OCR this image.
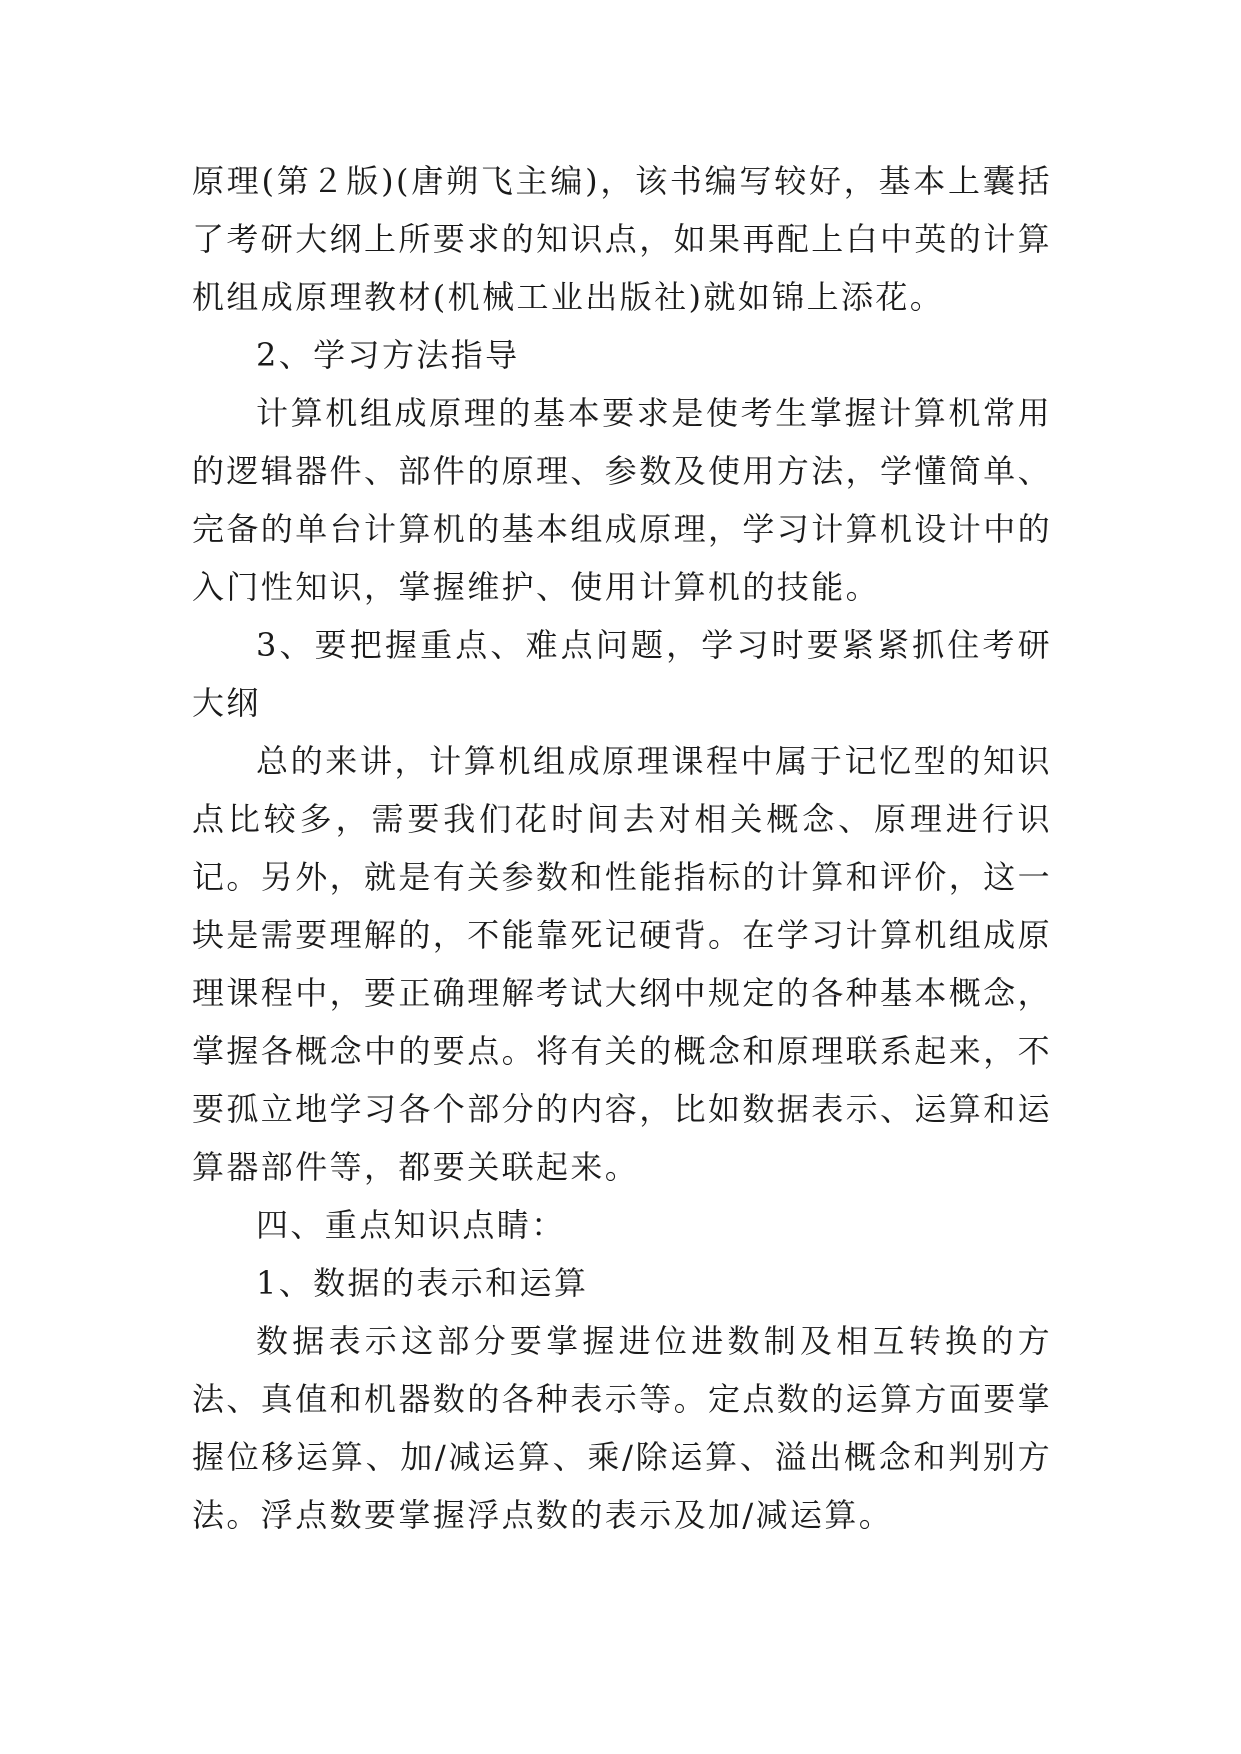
原理(第２版)(唐朔飞主编)，该书编写较好，基本上囊括了考研大纲上所要求的知识点，如果再配上白中英的计算机组成原理教材(机械工业出版社)就如锦上添花。

2、学习方法指导

计算机组成原理的基本要求是使考生掌握计算机常用的逻辑器件、部件的原理、参数及使用方法，学懂简单、完备的单台计算机的基本组成原理，学习计算机设计中的入门性知识，掌握维护、使用计算机的技能。

3、要把握重点、难点问题，学习时要紧紧抓住考研大纲

总的来讲，计算机组成原理课程中属于记忆型的知识点比较多，需要我们花时间去对相关概念、原理进行识记。另外，就是有关参数和性能指标的计算和评价，这一块是需要理解的，不能靠死记硬背。在学习计算机组成原理课程中，要正确理解考试大纲中规定的各种基本概念，掌握各概念中的要点。将有关的概念和原理联系起来，不要孤立地学习各个部分的内容，比如数据表示、运算和运算器部件等，都要关联起来。

四、重点知识点睛：

1、数据的表示和运算

数据表示这部分要掌握进位进数制及相互转换的方法、真值和机器数的各种表示等。定点数的运算方面要掌握位移运算、加/减运算、乘/除运算、溢出概念和判别方法。浮点数要掌握浮点数的表示及加/减运算。
